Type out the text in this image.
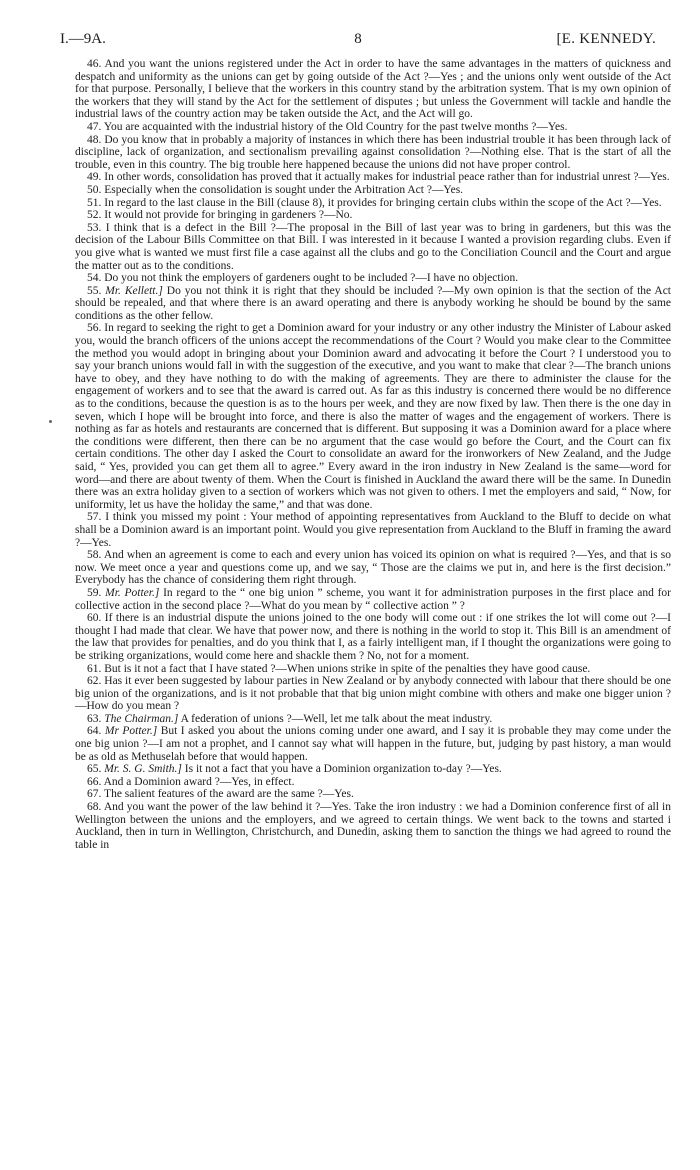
I.—9A.	8	[E. KENNEDY.

46. And you want the unions registered under the Act in order to have the same advantages in the matters of quickness and despatch and uniformity as the unions can get by going outside of the Act ?—Yes ; and the unions only went outside of the Act for that purpose. Personally, I believe that the workers in this country stand by the arbitration system. That is my own opinion of the workers that they will stand by the Act for the settlement of disputes ; but unless the Government will tackle and handle the industrial laws of the country action may be taken outside the Act, and the Act will go.

47. You are acquainted with the industrial history of the Old Country for the past twelve months ?—Yes.

48. Do you know that in probably a majority of instances in which there has been industrial trouble it has been through lack of discipline, lack of organization, and sectionalism prevailing against consolidation ?—Nothing else. That is the start of all the trouble, even in this country. The big trouble here happened because the unions did not have proper control.

49. In other words, consolidation has proved that it actually makes for industrial peace rather than for industrial unrest ?—Yes.

50. Especially when the consolidation is sought under the Arbitration Act ?—Yes.

51. In regard to the last clause in the Bill (clause 8), it provides for bringing certain clubs within the scope of the Act ?—Yes.

52. It would not provide for bringing in gardeners ?—No.

53. I think that is a defect in the Bill ?—The proposal in the Bill of last year was to bring in gardeners, but this was the decision of the Labour Bills Committee on that Bill. I was interested in it because I wanted a provision regarding clubs. Even if you give what is wanted we must first file a case against all the clubs and go to the Conciliation Council and the Court and argue the matter out as to the conditions.

54. Do you not think the employers of gardeners ought to be included ?—I have no objection.

55. Mr. Kellett.] Do you not think it is right that they should be included ?—My own opinion is that the section of the Act should be repealed, and that where there is an award operating and there is anybody working he should be bound by the same conditions as the other fellow.

56. In regard to seeking the right to get a Dominion award for your industry or any other industry the Minister of Labour asked you, would the branch officers of the unions accept the recommendations of the Court ? Would you make clear to the Committee the method you would adopt in bringing about your Dominion award and advocating it before the Court ? I understood you to say your branch unions would fall in with the suggestion of the executive, and you want to make that clear ?—The branch unions have to obey, and they have nothing to do with the making of agreements. They are there to administer the clause for the engagement of workers and to see that the award is carred out. As far as this industry is concerned there would be no difference as to the conditions, because the question is as to the hours per week, and they are now fixed by law. Then there is the one day in seven, which I hope will be brought into force, and there is also the matter of wages and the engagement of workers. There is nothing as far as hotels and restaurants are concerned that is different. But supposing it was a Dominion award for a place where the conditions were different, then there can be no argument that the case would go before the Court, and the Court can fix certain conditions. The other day I asked the Court to consolidate an award for the ironworkers of New Zealand, and the Judge said, “ Yes, provided you can get them all to agree.” Every award in the iron industry in New Zealand is the same—word for word—and there are about twenty of them. When the Court is finished in Auckland the award there will be the same. In Dunedin there was an extra holiday given to a section of workers which was not given to others. I met the employers and said, “ Now, for uniformity, let us have the holiday the same,” and that was done.

57. I think you missed my point : Your method of appointing representatives from Auckland to the Bluff to decide on what shall be a Dominion award is an important point. Would you give representation from Auckland to the Bluff in framing the award ?—Yes.

58. And when an agreement is come to each and every union has voiced its opinion on what is required ?—Yes, and that is so now. We meet once a year and questions come up, and we say, “ Those are the claims we put in, and here is the first decision.” Everybody has the chance of considering them right through.

59. Mr. Potter.] In regard to the “ one big union ” scheme, you want it for administration purposes in the first place and for collective action in the second place ?—What do you mean by “ collective action ” ?

60. If there is an industrial dispute the unions joined to the one body will come out : if one strikes the lot will come out ?—I thought I had made that clear. We have that power now, and there is nothing in the world to stop it. This Bill is an amendment of the law that provides for penalties, and do you think that I, as a fairly intelligent man, if I thought the organizations were going to be striking organizations, would come here and shackle them ? No, not for a moment.

61. But is it not a fact that I have stated ?—When unions strike in spite of the penalties they have good cause.

62. Has it ever been suggested by labour parties in New Zealand or by anybody connected with labour that there should be one big union of the organizations, and is it not probable that that big union might combine with others and make one bigger union ?—How do you mean ?

63. The Chairman.] A federation of unions ?—Well, let me talk about the meat industry.

64. Mr Potter.] But I asked you about the unions coming under one award, and I say it is probable they may come under the one big union ?—I am not a prophet, and I cannot say what will happen in the future, but, judging by past history, a man would be as old as Methuselah before that would happen.

65. Mr. S. G. Smith.] Is it not a fact that you have a Dominion organization to-day ?—Yes.

66. And a Dominion award ?—Yes, in effect.

67. The salient features of the award are the same ?—Yes.

68. And you want the power of the law behind it ?—Yes. Take the iron industry : we had a Dominion conference first of all in Wellington between the unions and the employers, and we agreed to certain things. We went back to the towns and started i Auckland, then in turn in Wellington, Christchurch, and Dunedin, asking them to sanction the things we had agreed to round the table in
